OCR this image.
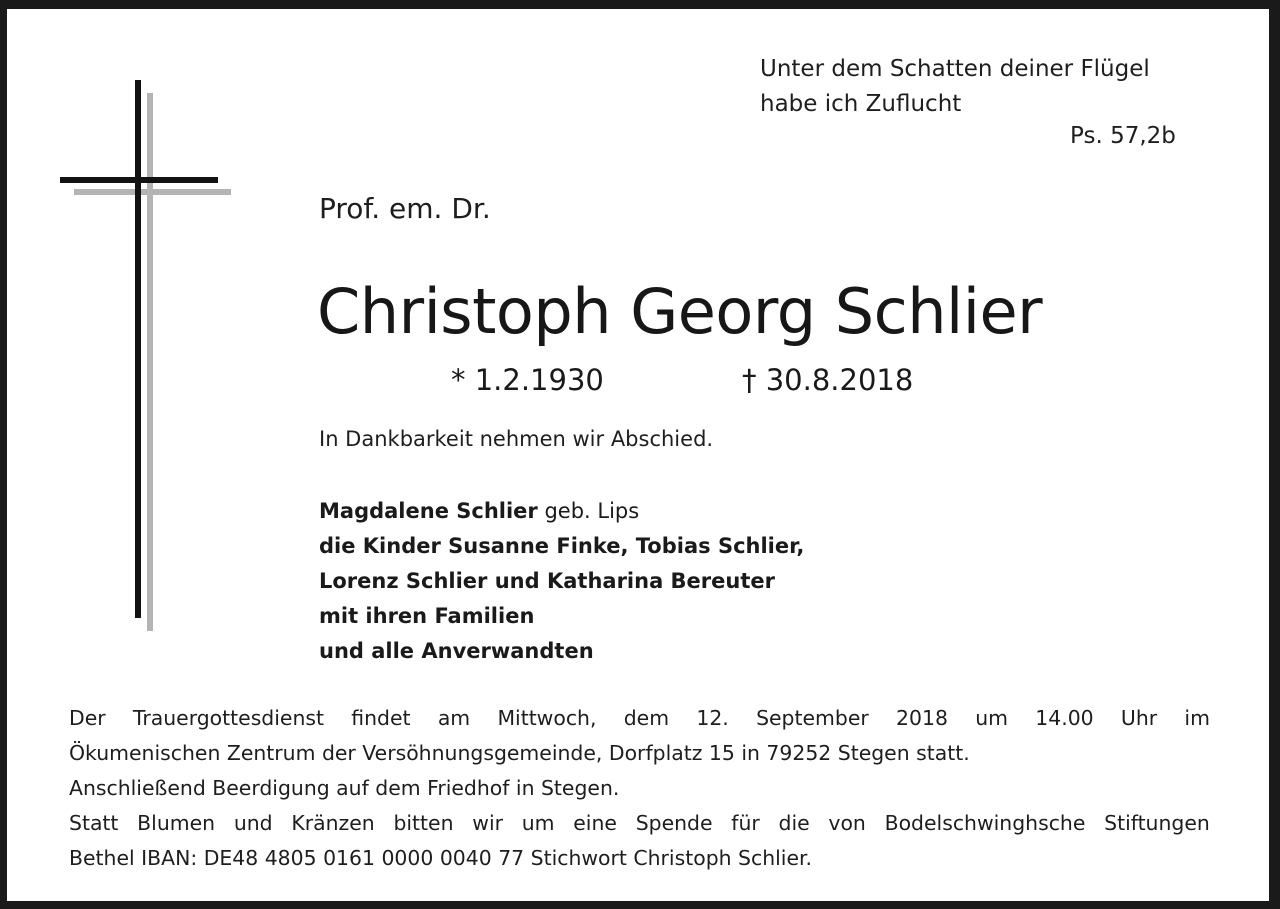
Unter dem Schatten deiner Flügel
habe ich Zuflucht
Ps. 57,2b
Prof. em. Dr.
Christoph Georg Schlier
* 1.2.1930	† 30.8.2018
In Dankbarkeit nehmen wir Abschied.
Magdalene Schlier geb. Lips
die Kinder Susanne Finke, Tobias Schlier,
Lorenz Schlier und Katharina Bereuter
mit ihren Familien
und alle Anverwandten
Der Trauergottesdienst findet am Mittwoch, dem 12. September 2018 um 14.00 Uhr im
Ökumenischen Zentrum der Versöhnungsgemeinde, Dorfplatz 15 in 79252 Stegen statt.
Anschließend Beerdigung auf dem Friedhof in Stegen.
Statt Blumen und Kränzen bitten wir um eine Spende für die von Bodelschwinghsche Stiftungen
Bethel IBAN: DE48 4805 0161 0000 0040 77 Stichwort Christoph Schlier.
